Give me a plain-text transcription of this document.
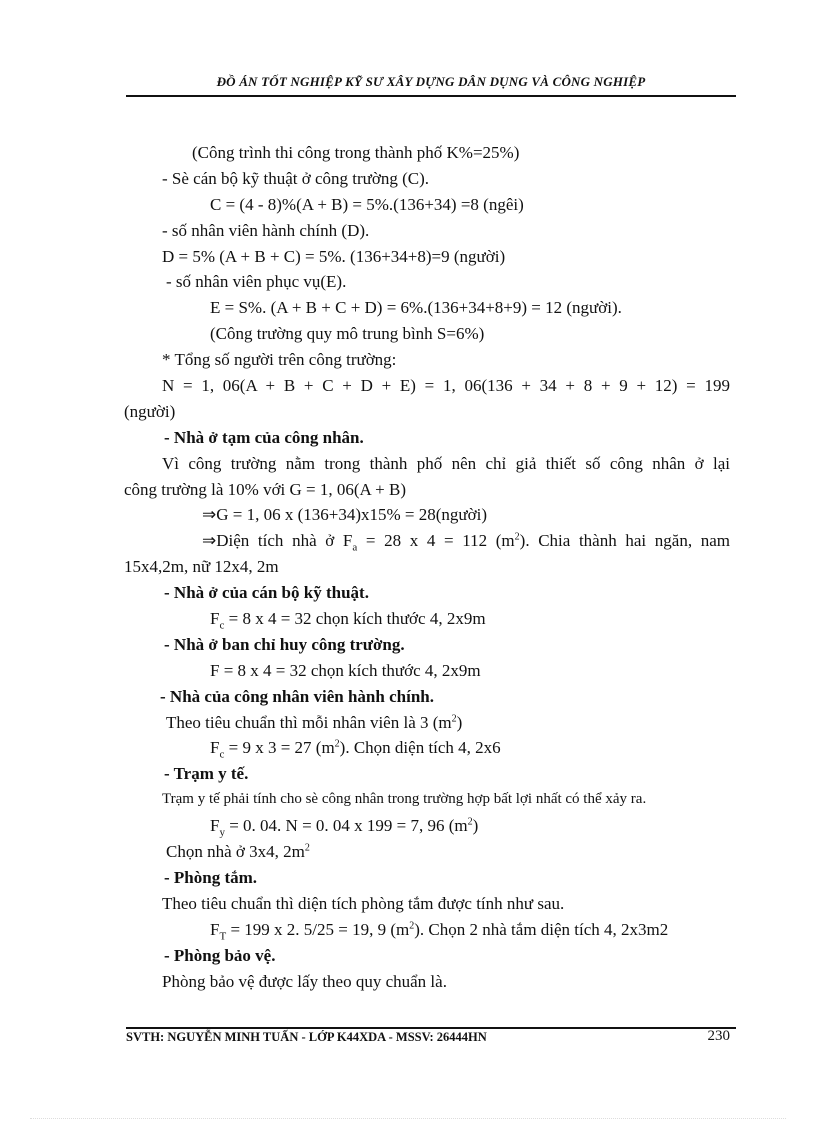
ĐỒ ÁN TỐT NGHIỆP KỸ SƯ XÂY DỰNG DÂN DỤNG VÀ CÔNG NGHIỆP
(Công trình thi công trong thành phố K%=25%)
- Sè cán bộ kỹ thuật ở công trường (C).
C = (4 - 8)%(A + B) = 5%.(136+34) =8 (ngêi)
- số nhân viên hành chính (D).
D = 5% (A + B + C) = 5%. (136+34+8)=9 (người)
- số nhân viên phục vụ(E).
E = S%. (A + B + C + D) = 6%.(136+34+8+9) = 12 (người).
(Công trường quy mô trung bình S=6%)
* Tổng số người trên công trường:
N = 1, 06(A + B + C + D + E) = 1, 06(136 + 34 + 8 + 9 + 12) = 199
(người)
- Nhà ở tạm của công nhân.
Vì công trường nằm trong thành phố nên chỉ giả thiết số công nhân ở lại
công trường là 10% với G = 1, 06(A + B)
⇒G = 1, 06 x (136+34)x15% = 28(người)
⇒Diện tích nhà ở $F_a = 28$ x 4 = 112 $(m^2)$. Chia thành hai ngăn, nam
15x4,2m, nữ 12x4, 2m
- Nhà ở của cán bộ kỹ thuật.
$F_c = 8$ x 4 = 32 chọn kích thước 4, 2x9m
- Nhà ở ban chỉ huy công trường.
F = 8 x 4 = 32 chọn kích thước 4, 2x9m
- Nhà của công nhân viên hành chính.
Theo tiêu chuẩn thì mỗi nhân viên là 3 $(m^2)$
$F_c = 9$ x 3 = 27 $(m^2)$. Chọn diện tích 4, 2x6
- Trạm y tế.
Trạm y tế phải tính cho sè công nhân trong trường hợp bất lợi nhất có thể xảy ra.
$F_y = 0$. 04. N = 0. 04 x 199 = 7, 96 $(m^2)$
Chọn nhà ở 3x4, $2m^2$
- Phòng tắm.
Theo tiêu chuẩn thì diện tích phòng tắm được tính như sau.
$F_T = 199$ x 2. 5/25 = 19, 9 $(m^2)$. Chọn 2 nhà tắm diện tích 4, 2x3m2
- Phòng bảo vệ.
Phòng bảo vệ được lấy theo quy chuẩn là.
SVTH: NGUYỄN MINH TUẤN - LỚP K44XDA - MSSV: 26444HN	230
